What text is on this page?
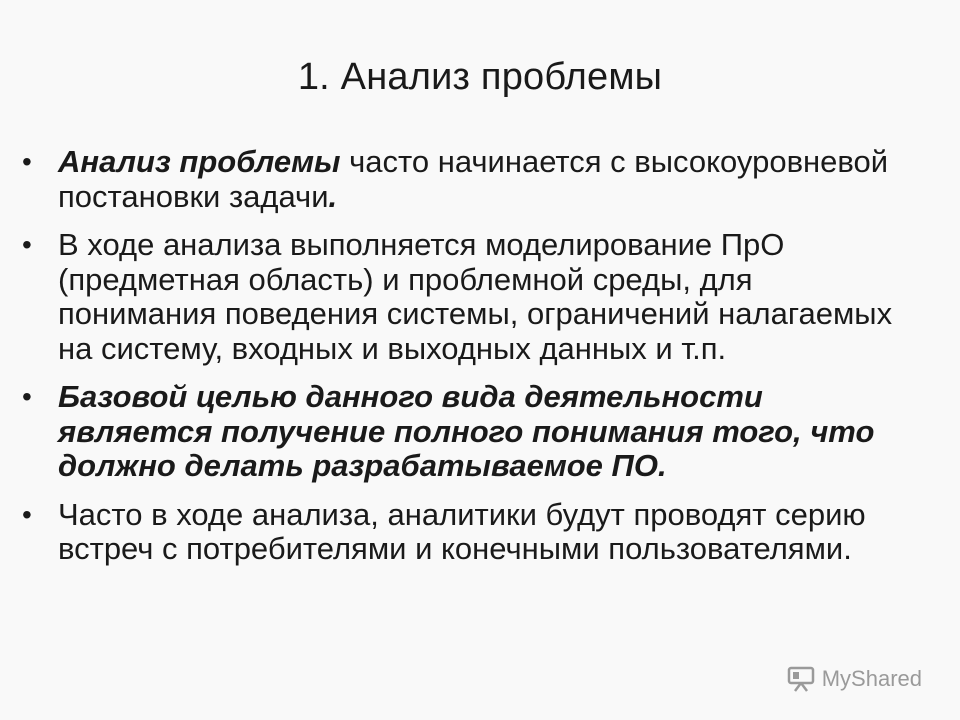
1. Анализ проблемы
• Анализ проблемы часто начинается с высокоуровневой постановки задачи.
• В ходе анализа выполняется моделирование ПрО (предметная область) и проблемной среды, для понимания поведения системы, ограничений налагаемых на систему, входных и выходных данных и т.п.
• Базовой целью данного вида деятельности является получение полного понимания того, что должно делать разрабатываемое ПО.
• Часто в ходе анализа, аналитики будут проводят серию встреч с потребителями и конечными пользователями.
MyShared
